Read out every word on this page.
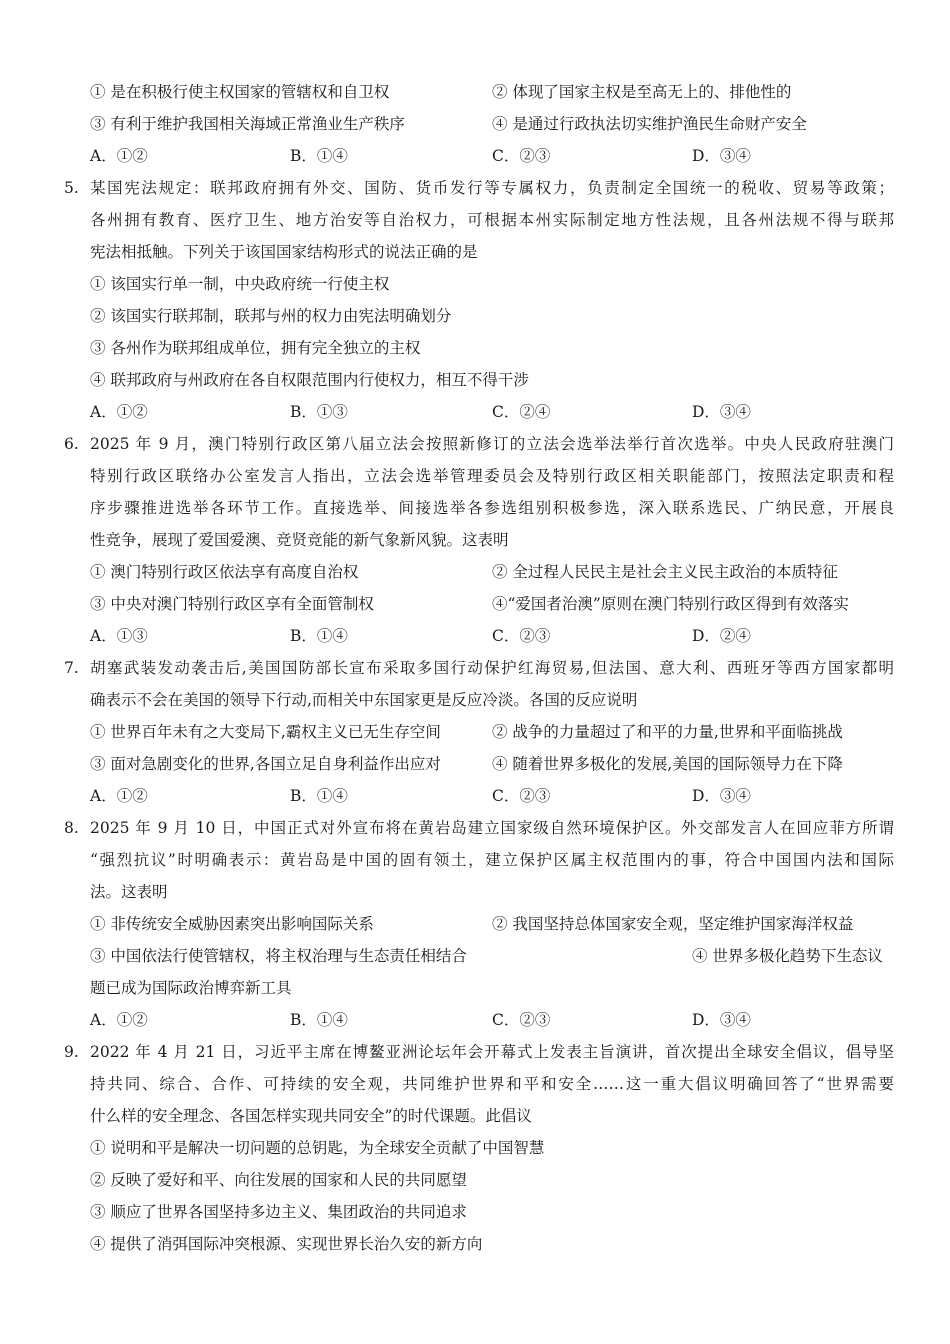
① 是在积极行使主权国家的管辖权和自卫权	② 体现了国家主权是至高无上的、排他性的
③ 有利于维护我国相关海域正常渔业生产秩序	④ 是通过行政执法切实维护渔民生命财产安全
A．①②	B．①④	C．②③	D．③④
5. 某国宪法规定：联邦政府拥有外交、国防、货币发行等专属权力，负责制定全国统一的税收、贸易等政策；
各州拥有教育、医疗卫生、地方治安等自治权力，可根据本州实际制定地方性法规，且各州法规不得与联邦
宪法相抵触。下列关于该国国家结构形式的说法正确的是
① 该国实行单一制，中央政府统一行使主权
② 该国实行联邦制，联邦与州的权力由宪法明确划分
③ 各州作为联邦组成单位，拥有完全独立的主权
④ 联邦政府与州政府在各自权限范围内行使权力，相互不得干涉
A．①②	B．①③	C．②④	D．③④
6. 2025 年 9 月，澳门特别行政区第八届立法会按照新修订的立法会选举法举行首次选举。中央人民政府驻澳门
特别行政区联络办公室发言人指出，立法会选举管理委员会及特别行政区相关职能部门，按照法定职责和程
序步骤推进选举各环节工作。直接选举、间接选举各参选组别积极参选，深入联系选民、广纳民意，开展良
性竞争，展现了爱国爱澳、竞贤竞能的新气象新风貌。这表明
① 澳门特别行政区依法享有高度自治权	② 全过程人民民主是社会主义民主政治的本质特征
③ 中央对澳门特别行政区享有全面管制权	④“爱国者治澳”原则在澳门特别行政区得到有效落实
A．①③	B．①④	C．②③	D．②④
7. 胡塞武装发动袭击后,美国国防部长宣布采取多国行动保护红海贸易,但法国、意大利、西班牙等西方国家都明
确表示不会在美国的领导下行动,而相关中东国家更是反应冷淡。各国的反应说明
① 世界百年未有之大变局下,霸权主义已无生存空间	② 战争的力量超过了和平的力量,世界和平面临挑战
③ 面对急剧变化的世界,各国立足自身利益作出应对	④ 随着世界多极化的发展,美国的国际领导力在下降
A．①②	B．①④	C．②③	D．③④
8. 2025 年 9 月 10 日，中国正式对外宣布将在黄岩岛建立国家级自然环境保护区。外交部发言人在回应菲方所谓
“强烈抗议”时明确表示：黄岩岛是中国的固有领土，建立保护区属主权范围内的事，符合中国国内法和国际
法。这表明
① 非传统安全威胁因素突出影响国际关系	② 我国坚持总体国家安全观，坚定维护国家海洋权益
③ 中国依法行使管辖权，将主权治理与生态责任相结合	④ 世界多极化趋势下生态议
题已成为国际政治博弈新工具
A．①②	B．①④	C．②③	D．③④
9. 2022 年 4 月 21 日，习近平主席在博鳌亚洲论坛年会开幕式上发表主旨演讲，首次提出全球安全倡议，倡导坚
持共同、综合、合作、可持续的安全观，共同维护世界和平和安全……这一重大倡议明确回答了“世界需要
什么样的安全理念、各国怎样实现共同安全”的时代课题。此倡议
① 说明和平是解决一切问题的总钥匙，为全球安全贡献了中国智慧
② 反映了爱好和平、向往发展的国家和人民的共同愿望
③ 顺应了世界各国坚持多边主义、集团政治的共同追求
④ 提供了消弭国际冲突根源、实现世界长治久安的新方向
